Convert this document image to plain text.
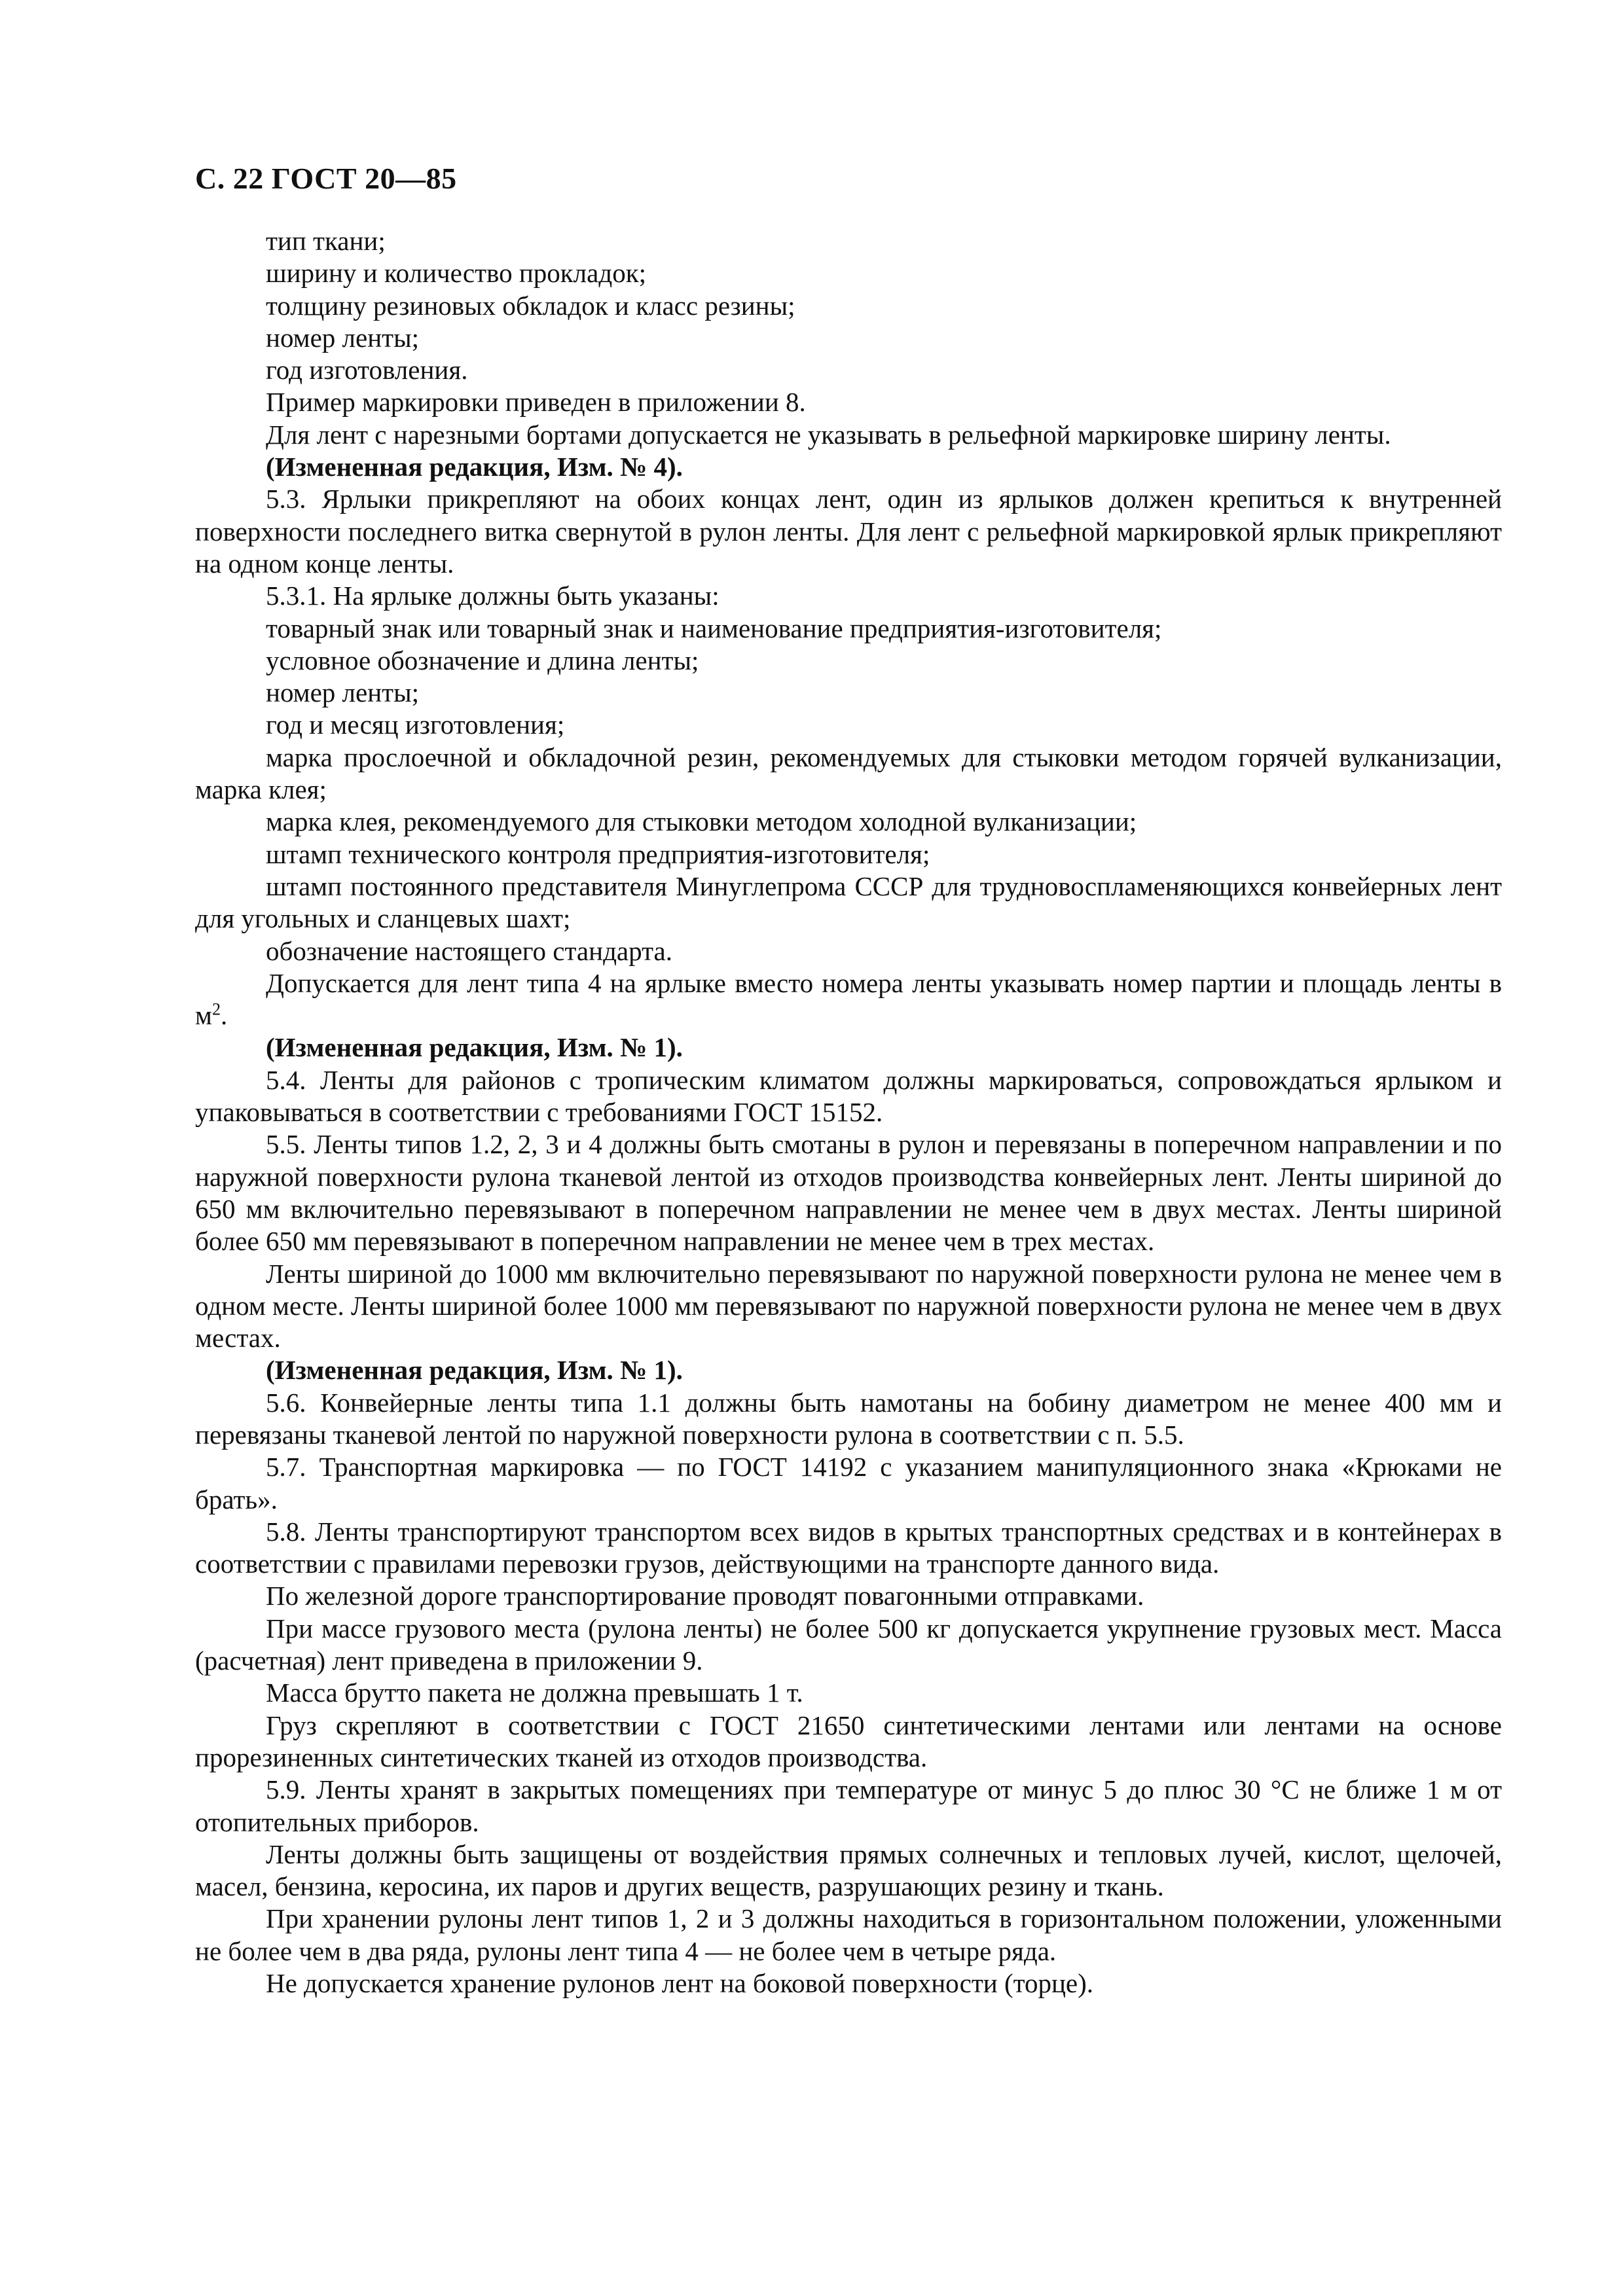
С. 22 ГОСТ 20—85

тип ткани;

ширину и количество прокладок;

толщину резиновых обкладок и класс резины;

номер ленты;

год изготовления.

Пример маркировки приведен в приложении 8.

Для лент с нарезными бортами допускается не указывать в рельефной маркировке ширину ленты.

(Измененная редакция, Изм. № 4).

5.3. Ярлыки прикрепляют на обоих концах лент, один из ярлыков должен крепиться к внутренней поверхности последнего витка свернутой в рулон ленты. Для лент с рельефной маркировкой ярлык прикрепляют на одном конце ленты.

5.3.1. На ярлыке должны быть указаны:

товарный знак или товарный знак и наименование предприятия-изготовителя;

условное обозначение и длина ленты;

номер ленты;

год и месяц изготовления;

марка прослоечной и обкладочной резин, рекомендуемых для стыковки методом горячей вулканизации, марка клея;

марка клея, рекомендуемого для стыковки методом холодной вулканизации;

штамп технического контроля предприятия-изготовителя;

штамп постоянного представителя Минуглепрома СССР для трудновоспламеняющихся конвейерных лент для угольных и сланцевых шахт;

обозначение настоящего стандарта.

Допускается для лент типа 4 на ярлыке вместо номера ленты указывать номер партии и площадь ленты в $м^2$.

(Измененная редакция, Изм. № 1).

5.4. Ленты для районов с тропическим климатом должны маркироваться, сопровождаться ярлыком и упаковываться в соответствии с требованиями ГОСТ 15152.

5.5. Ленты типов 1.2, 2, 3 и 4 должны быть смотаны в рулон и перевязаны в поперечном направлении и по наружной поверхности рулона тканевой лентой из отходов производства конвейерных лент. Ленты шириной до 650 мм включительно перевязывают в поперечном направлении не менее чем в двух местах. Ленты шириной более 650 мм перевязывают в поперечном направлении не менее чем в трех местах.

Ленты шириной до 1000 мм включительно перевязывают по наружной поверхности рулона не менее чем в одном месте. Ленты шириной более 1000 мм перевязывают по наружной поверхности рулона не менее чем в двух местах.

(Измененная редакция, Изм. № 1).

5.6. Конвейерные ленты типа 1.1 должны быть намотаны на бобину диаметром не менее 400 мм и перевязаны тканевой лентой по наружной поверхности рулона в соответствии с п. 5.5.

5.7. Транспортная маркировка — по ГОСТ 14192 с указанием манипуляционного знака «Крюками не брать».

5.8. Ленты транспортируют транспортом всех видов в крытых транспортных средствах и в контейнерах в соответствии с правилами перевозки грузов, действующими на транспорте данного вида.

По железной дороге транспортирование проводят повагонными отправками.

При массе грузового места (рулона ленты) не более 500 кг допускается укрупнение грузовых мест. Масса (расчетная) лент приведена в приложении 9.

Масса брутто пакета не должна превышать 1 т.

Груз скрепляют в соответствии с ГОСТ 21650 синтетическими лентами или лентами на основе прорезиненных синтетических тканей из отходов производства.

5.9. Ленты хранят в закрытых помещениях при температуре от минус 5 до плюс 30 °С не ближе 1 м от отопительных приборов.

Ленты должны быть защищены от воздействия прямых солнечных и тепловых лучей, кислот, щелочей, масел, бензина, керосина, их паров и других веществ, разрушающих резину и ткань.

При хранении рулоны лент типов 1, 2 и 3 должны находиться в горизонтальном положении, уложенными не более чем в два ряда, рулоны лент типа 4 — не более чем в четыре ряда.

Не допускается хранение рулонов лент на боковой поверхности (торце).
